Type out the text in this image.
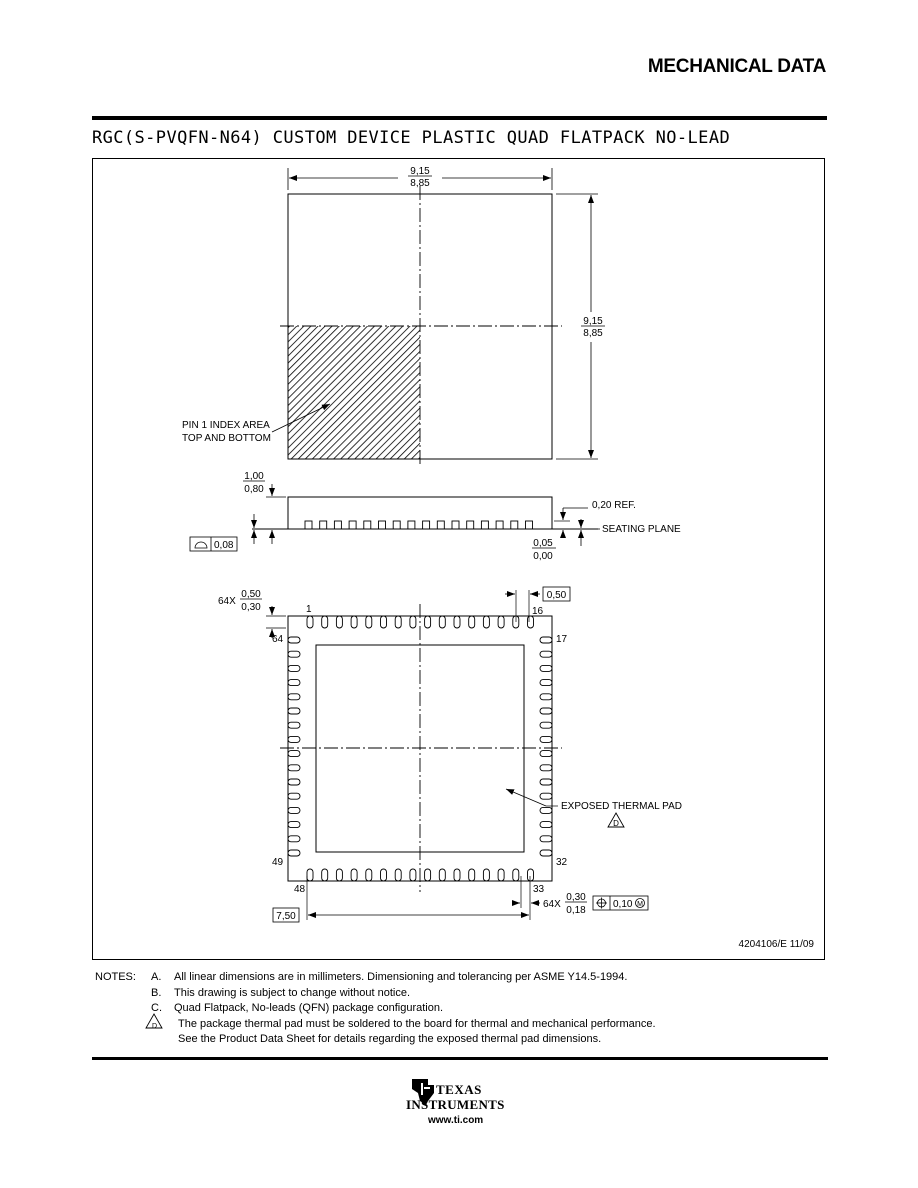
MECHANICAL DATA
RGC(S-PVQFN-N64) CUSTOM DEVICE PLASTIC QUAD FLATPACK NO-LEAD
9,15
8,85
9,15
8,85
PIN 1 INDEX AREA
TOP AND BOTTOM
1,00
0,80
0,08
0,20 REF.
SEATING PLANE
0,05
0,00
64X
0,50
0,30
0,50
1	16
17
32
33
48
49
64
EXPOSED THERMAL PAD
D
7,50
64X
0,30
0,18
0,10 M
4204106/E 11/09
NOTES: A. All linear dimensions are in millimeters. Dimensioning and tolerancing per ASME Y14.5-1994.
B. This drawing is subject to change without notice.
C. Quad Flatpack, No-leads (QFN) package configuration.
D The package thermal pad must be soldered to the board for thermal and mechanical performance.
See the Product Data Sheet for details regarding the exposed thermal pad dimensions.
TEXAS
INSTRUMENTS
www.ti.com
